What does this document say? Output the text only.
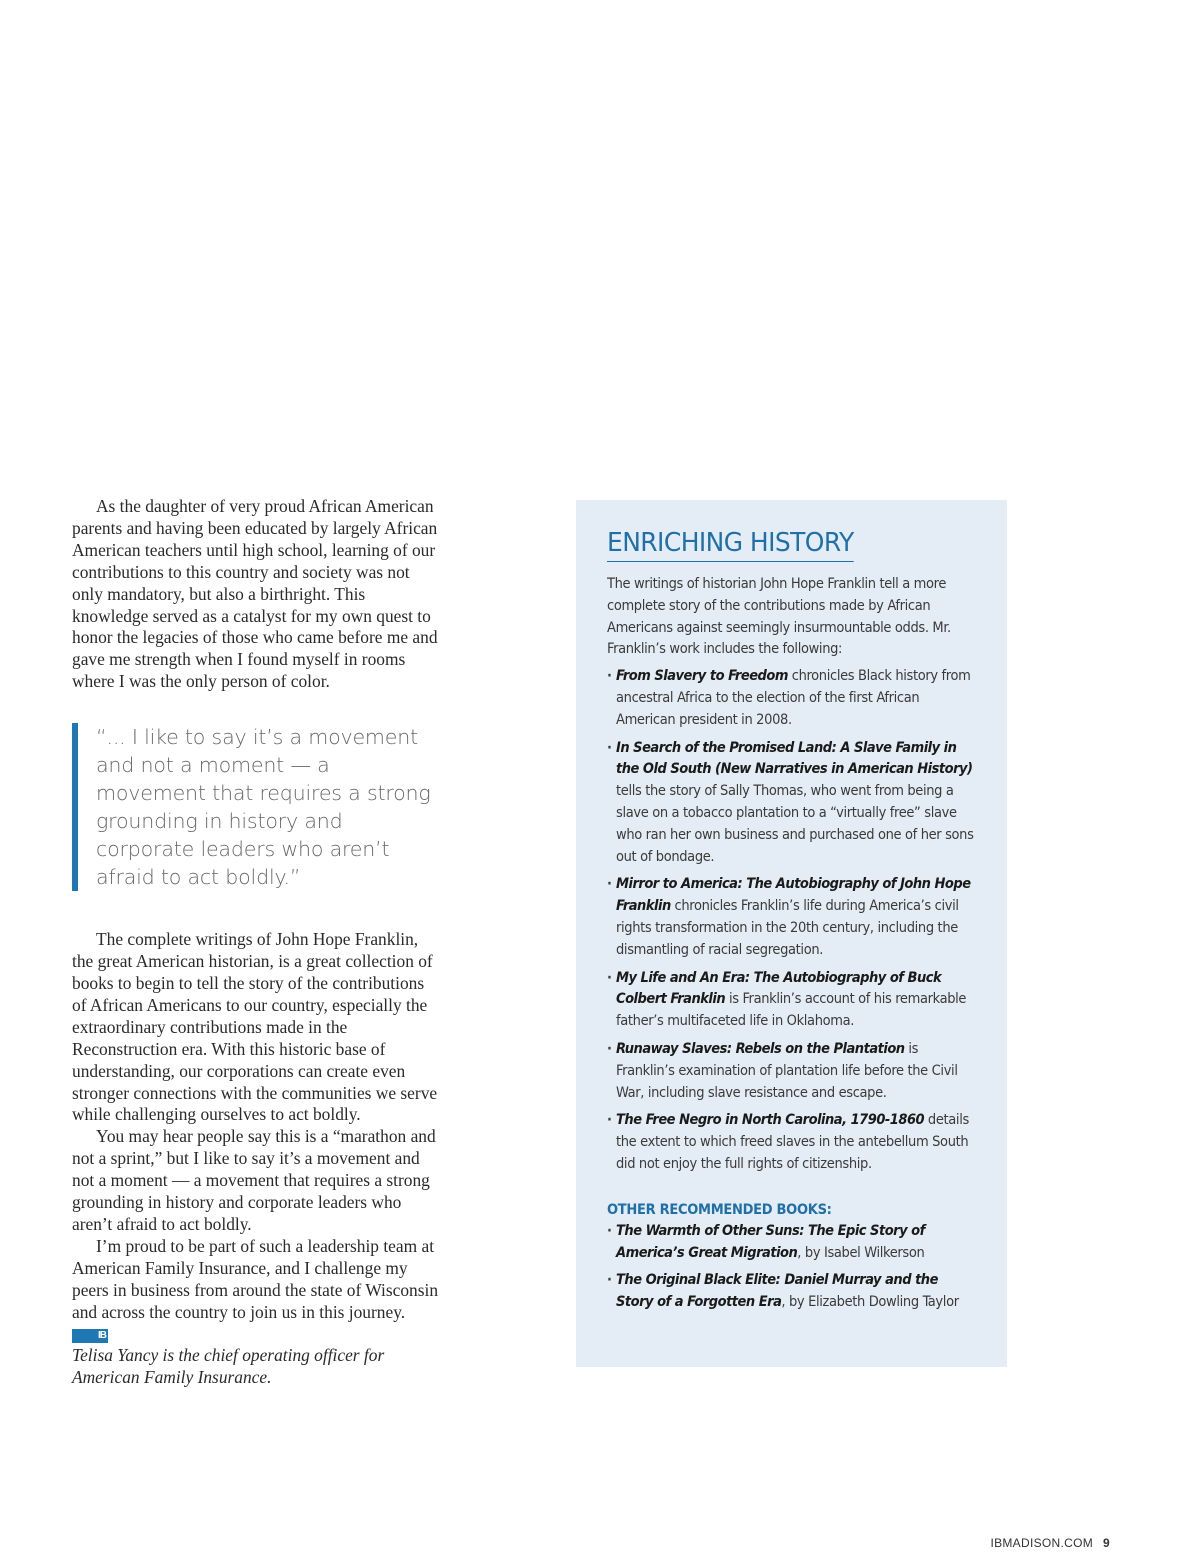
As the daughter of very proud African American parents and having been educated by largely African American teachers until high school, learning of our contributions to this country and society was not only mandatory, but also a birthright. This knowledge served as a catalyst for my own quest to honor the legacies of those who came before me and gave me strength when I found myself in rooms where I was the only person of color.

“... I like to say it’s a movement and not a moment — a movement that requires a strong grounding in history and corporate leaders who aren’t afraid to act boldly.”

The complete writings of John Hope Franklin, the great American historian, is a great collection of books to begin to tell the story of the contributions of African Americans to our country, especially the extraordinary contributions made in the Reconstruction era. With this historic base of understanding, our corporations can create even stronger connections with the communities we serve while challenging ourselves to act boldly.

You may hear people say this is a “marathon and not a sprint,” but I like to say it’s a movement and not a moment — a movement that requires a strong grounding in history and corporate leaders who aren’t afraid to act boldly.

I’m proud to be part of such a leadership team at American Family Insurance, and I challenge my peers in business from around the state of Wisconsin and across the country to join us in this journey. IB

Telisa Yancy is the chief operating officer for American Family Insurance.

ENRICHING HISTORY

The writings of historian John Hope Franklin tell a more complete story of the contributions made by African Americans against seemingly insurmountable odds. Mr. Franklin’s work includes the following:

· From Slavery to Freedom chronicles Black history from ancestral Africa to the election of the first African American president in 2008.
· In Search of the Promised Land: A Slave Family in the Old South (New Narratives in American History) tells the story of Sally Thomas, who went from being a slave on a tobacco plantation to a “virtually free” slave who ran her own business and purchased one of her sons out of bondage.
· Mirror to America: The Autobiography of John Hope Franklin chronicles Franklin’s life during America’s civil rights transformation in the 20th century, including the dismantling of racial segregation.
· My Life and An Era: The Autobiography of Buck Colbert Franklin is Franklin’s account of his remarkable father’s multifaceted life in Oklahoma.
· Runaway Slaves: Rebels on the Plantation is Franklin’s examination of plantation life before the Civil War, including slave resistance and escape.
· The Free Negro in North Carolina, 1790-1860 details the extent to which freed slaves in the antebellum South did not enjoy the full rights of citizenship.
OTHER RECOMMENDED BOOKS:
· The Warmth of Other Suns: The Epic Story of America’s Great Migration, by Isabel Wilkerson
· The Original Black Elite: Daniel Murray and the Story of a Forgotten Era, by Elizabeth Dowling Taylor
IBMADISON.COM 9
